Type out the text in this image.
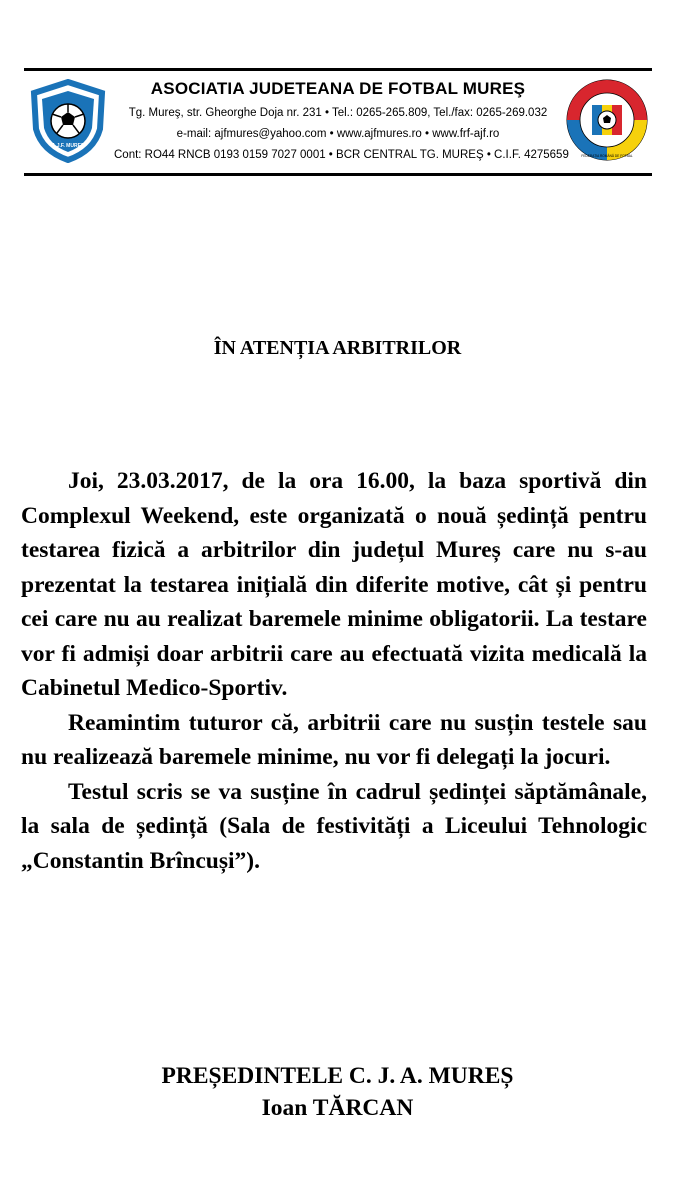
A.J.F. MUREŞ
ASOCIATIA JUDETEANA DE FOTBAL MUREŞ
Tg. Mureş, str. Gheorghe Doja nr. 231 • Tel.: 0265-265.809, Tel./fax: 0265-269.032
e-mail: ajfmures@yahoo.com • www.ajfmures.ro • www.frf-ajf.ro
Cont: RO44 RNCB 0193 0159 7027 0001 • BCR CENTRAL TG. MUREŞ • C.I.F. 4275659	FEDERAȚIA ROMÂNĂ DE FOTBAL
ÎN ATENȚIA ARBITRILOR

Joi, 23.03.2017, de la ora 16.00, la baza sportivă din Complexul Weekend, este organizată o nouă ședință pentru testarea fizică a arbitrilor din județul Mureș care nu s-au prezentat la testarea inițială din diferite motive, cât și pentru cei care nu au realizat baremele minime obligatorii. La testare vor fi admiși doar arbitrii care au efectuată vizita medicală la Cabinetul Medico-Sportiv.

Reamintim tuturor că, arbitrii care nu susțin testele sau nu realizează baremele minime, nu vor fi delegați la jocuri.

Testul scris se va susține în cadrul ședinței săptămânale, la sala de ședință (Sala de festivități a Liceului Tehnologic „Constantin Brîncuși”).

PREȘEDINTELE C. J. A. MUREȘ
Ioan TĂRCAN
